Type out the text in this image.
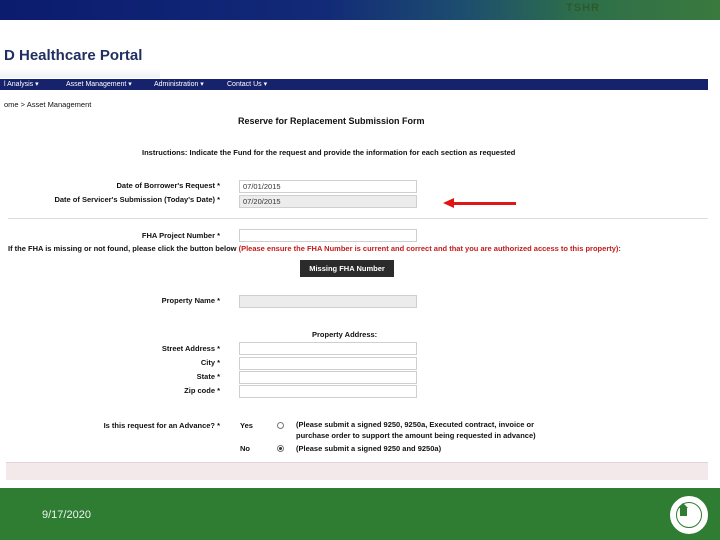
TSHR
D Healthcare Portal
l Analysis ▾	Asset Management ▾	Administration ▾	Contact Us ▾
ome > Asset Management
Reserve for Replacement Submission Form
Instructions: Indicate the Fund for the request and provide the information for each section as requested
Date of Borrower's Request *	07/01/2015
Date of Servicer's Submission (Today's Date) *	07/20/2015
FHA Project Number *
If the FHA is missing or not found, please click the button below (Please ensure the FHA Number is current and correct and that you are authorized access to this property):
Missing FHA Number
Property Name *
Property Address:
Street Address *
City *
State *
Zip code *
Is this request for an Advance? *	Yes	(Please submit a signed 9250, 9250a, Executed contract, invoice or
purchase order to support the amount being requested in advance)
No	(Please submit a signed 9250 and 9250a)
9/17/2020
